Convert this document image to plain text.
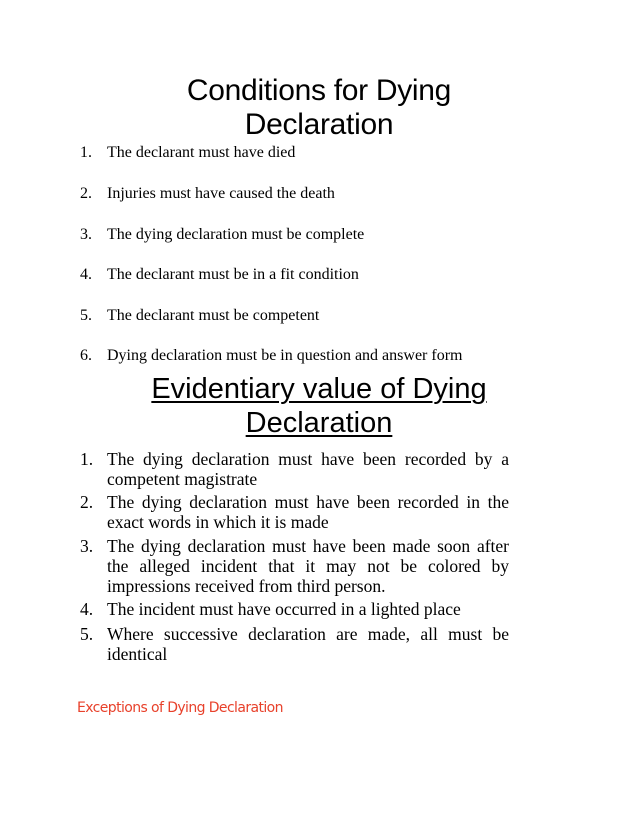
Conditions for Dying
Declaration
1. The declarant must have died
2. Injuries must have caused the death
3. The dying declaration must be complete
4. The declarant must be in a fit condition
5. The declarant must be competent
6. Dying declaration must be in question and answer form
Evidentiary value of Dying
Declaration
1. The dying declaration must have been recorded by a competent magistrate
2. The dying declaration must have been recorded in the exact words in which it is made
3. The dying declaration must have been made soon after the alleged incident that it may not be colored by impressions received from third person.
4. The incident must have occurred in a lighted place
5. Where successive declaration are made, all must be identical
Exceptions of Dying Declaration
